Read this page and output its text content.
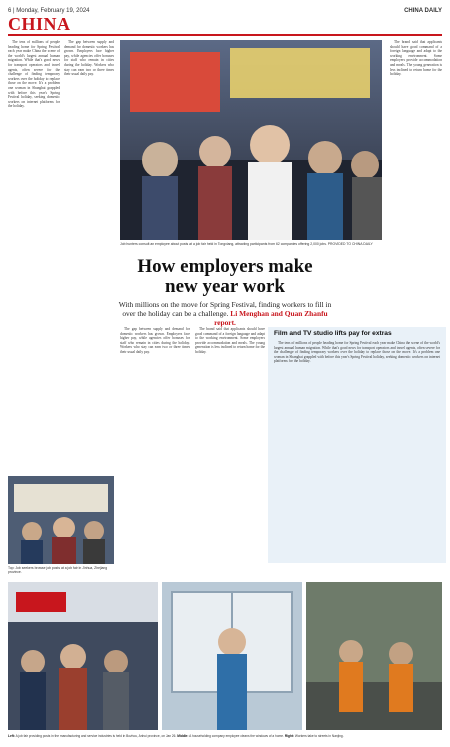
6 | Monday, February 19, 2024	CHINA DAILY
CHINA

The tens of millions of people heading home for Spring Festival each year make China the scene of the world's largest annual human migration. While that's good news for transport operators and travel agents, often severe for the challenge of finding temporary workers over the holiday to replace those on the move. It's a problem one woman in Shanghai grappled with before this year's Spring Festival holiday, seeking domestic workers on internet platforms for the holiday.

The gap between supply and demand for domestic workers has grown. Employers face higher pay, while agencies offer bonuses for staff who remain in cities during the holiday. Workers who stay can earn two or three times their usual daily pay.

The brand said that applicants should have good command of a foreign language and adapt to the working environment. Some employers provide accommodation and meals. The young generation is less inclined to return home for the holiday.

Job hunters consult an employee about posts at a job fair held in Tongxiang, attracting participants from 62 companies offering 2,000 jobs. PROVIDED TO CHINA DAILY
How employers make new year work
With millions on the move for Spring Festival, finding workers to fill in over the holiday can be a challenge. Li Menghan and Quan Zhanfu report.
Top: Job seekers browse job posts at a job fair in Jinhua, Zhejiang province.

The gap between supply and demand for domestic workers has grown. Employers face higher pay, while agencies offer bonuses for staff who remain in cities during the holiday. Workers who stay can earn two or three times their usual daily pay.

The brand said that applicants should have good command of a foreign language and adapt to the working environment. Some employers provide accommodation and meals. The young generation is less inclined to return home for the holiday.

Film and TV studio lifts pay for extras

The tens of millions of people heading home for Spring Festival each year make China the scene of the world's largest annual human migration. While that's good news for transport operators and travel agents, often severe for the challenge of finding temporary workers over the holiday to replace those on the move. It's a problem one woman in Shanghai grappled with before this year's Spring Festival holiday, seeking domestic workers on internet platforms for the holiday.

Left: A job fair providing posts in the manufacturing and service industries is held in Bozhou, Anhui province, on Jan 26. Middle: A householding company employee cleans the windows of a home. Right: Workers take to streets in Nanjing.
